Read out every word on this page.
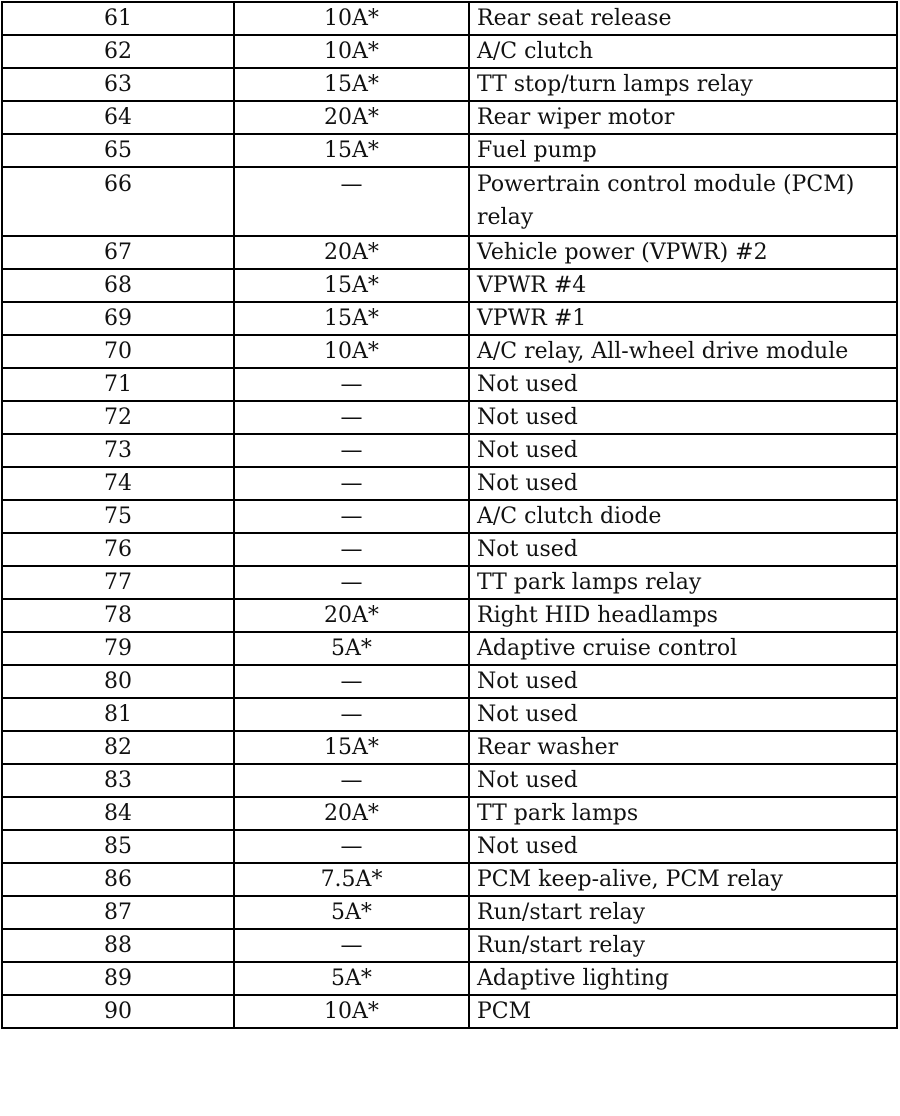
61	10A*	Rear seat release
62	10A*	A/C clutch
63	15A*	TT stop/turn lamps relay
64	20A*	Rear wiper motor
65	15A*	Fuel pump
66	—	Powertrain control module (PCM) relay
67	20A*	Vehicle power (VPWR) #2
68	15A*	VPWR #4
69	15A*	VPWR #1
70	10A*	A/C relay, All-wheel drive module
71	—	Not used
72	—	Not used
73	—	Not used
74	—	Not used
75	—	A/C clutch diode
76	—	Not used
77	—	TT park lamps relay
78	20A*	Right HID headlamps
79	5A*	Adaptive cruise control
80	—	Not used
81	—	Not used
82	15A*	Rear washer
83	—	Not used
84	20A*	TT park lamps
85	—	Not used
86	7.5A*	PCM keep-alive, PCM relay
87	5A*	Run/start relay
88	—	Run/start relay
89	5A*	Adaptive lighting
90	10A*	PCM
